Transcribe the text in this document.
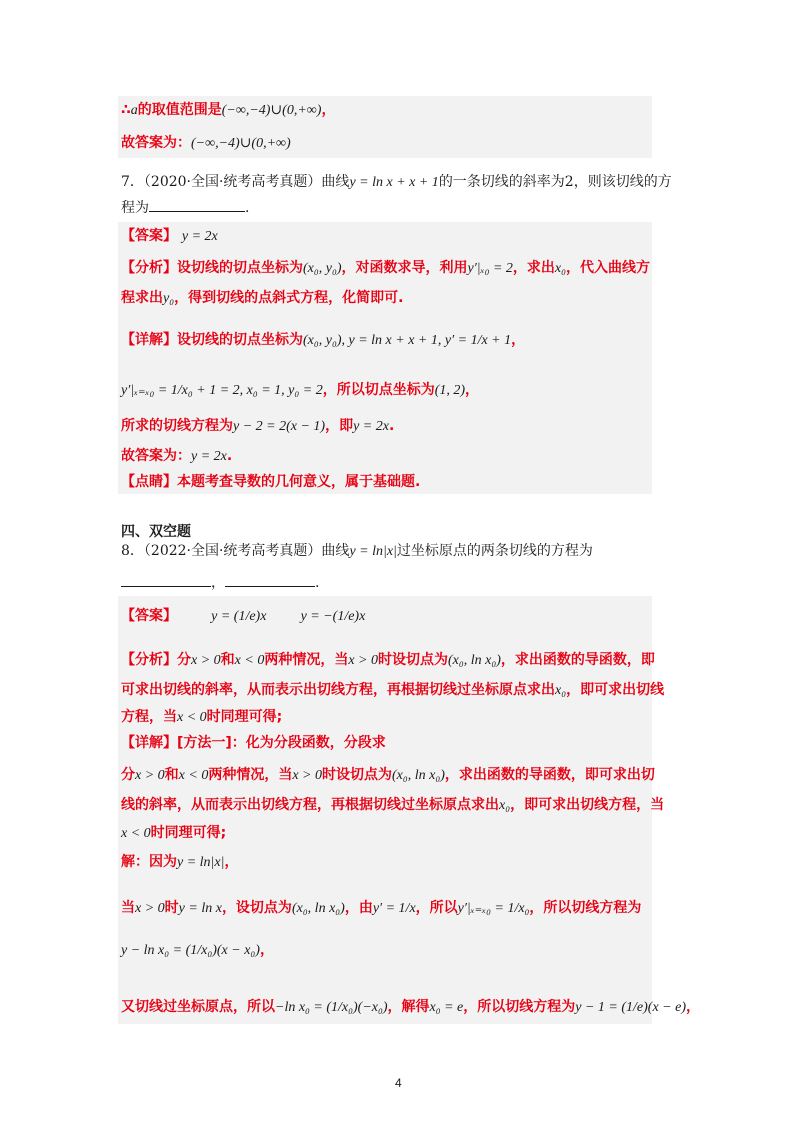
∴a的取值范围是(−∞,−4)∪(0,+∞)，
故答案为：(−∞,−4)∪(0,+∞)
7．（2020·全国·统考高考真题）曲线y = ln x + x + 1的一条切线的斜率为2，则该切线的方
程为	.
【答案】 y = 2x
【分析】设切线的切点坐标为(x₀, y₀)，对函数求导，利用y′|ₓ₀ = 2，求出x₀，代入曲线方
程求出y₀，得到切线的点斜式方程，化简即可.
【详解】设切线的切点坐标为(x₀, y₀), y = ln x + x + 1, y′ = 1/x + 1，
y′|ₓ₌ₓ₀ = 1/x₀ + 1 = 2, x₀ = 1, y₀ = 2，所以切点坐标为(1, 2)，
所求的切线方程为y − 2 = 2(x − 1)，即y = 2x.
故答案为：y = 2x.
【点睛】本题考查导数的几何意义，属于基础题.
四、双空题
8．（2022·全国·统考高考真题）曲线y = ln|x|过坐标原点的两条切线的方程为
，	.
【答案】 y = (1/e)x y = −(1/e)x
【分析】分x > 0和x < 0两种情况，当x > 0时设切点为(x₀, ln x₀)，求出函数的导函数，即
可求出切线的斜率，从而表示出切线方程，再根据切线过坐标原点求出x₀，即可求出切线
方程，当x < 0时同理可得;
【详解】[方法一]：化为分段函数，分段求
分x > 0和x < 0两种情况，当x > 0时设切点为(x₀, ln x₀)，求出函数的导函数，即可求出切
线的斜率，从而表示出切线方程，再根据切线过坐标原点求出x₀，即可求出切线方程，当
x < 0时同理可得;
解：因为y = ln|x|，
当x > 0时y = ln x，设切点为(x₀, ln x₀)，由y′ = 1/x，所以y′|ₓ₌ₓ₀ = 1/x₀，所以切线方程为
y − ln x₀ = (1/x₀)(x − x₀)，
又切线过坐标原点，所以−ln x₀ = (1/x₀)(−x₀)，解得x₀ = e，所以切线方程为y − 1 = (1/e)(x − e)，
4
